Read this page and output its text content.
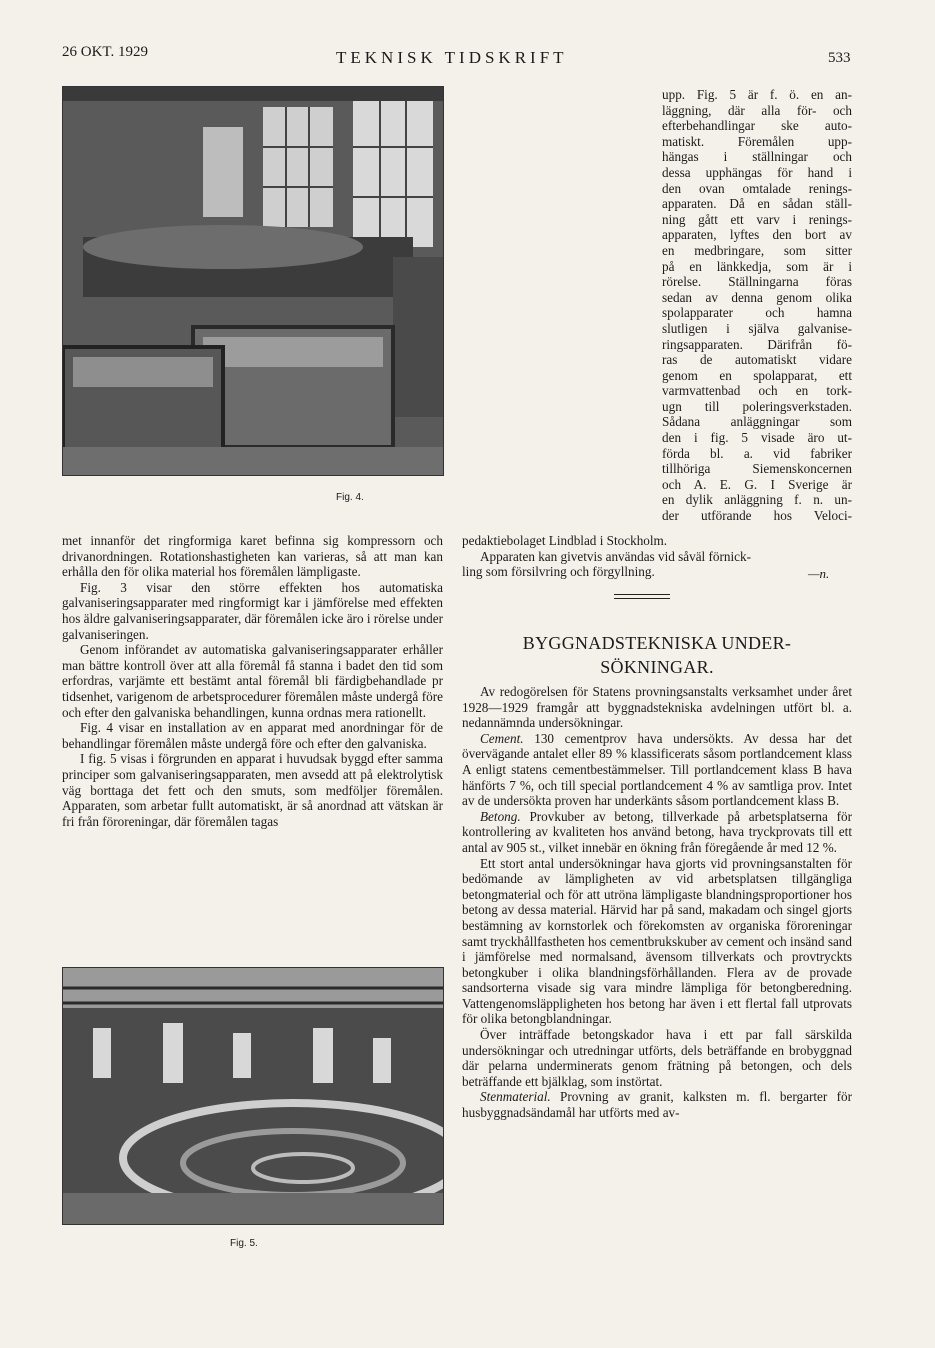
26 OKT. 1929	TEKNISK TIDSKRIFT	533
Fig. 4.
upp. Fig. 5 är f. ö. en an-
läggning, där alla för- och
efterbehandlingar ske auto-
matiskt. Föremålen upp-
hängas i ställningar och
dessa upphängas för hand i
den ovan omtalade renings-
apparaten. Då en sådan ställ-
ning gått ett varv i renings-
apparaten, lyftes den bort av
en medbringare, som sitter
på en länkkedja, som är i
rörelse. Ställningarna föras
sedan av denna genom olika
spolapparater och hamna
slutligen i själva galvanise-
ringsapparaten. Därifrån fö-
ras de automatiskt vidare
genom en spolapparat, ett
varmvattenbad och en tork-
ugn till poleringsverkstaden.
Sådana anläggningar som
den i fig. 5 visade äro ut-
förda bl. a. vid fabriker
tillhöriga Siemenskoncernen
och A. E. G. I Sverige är
en dylik anläggning f. n. un-
der utförande hos Veloci-

pedaktiebolaget Lindblad i Stockholm.

Apparaten kan givetvis användas vid såväl förnick-

ling som försilvring och förgyllning.	—n.
BYGGNADSTEKNISKA UNDER-
SÖKNINGAR.

met innanför det ringformiga karet befinna sig kompressorn och drivanordningen. Rotationshastigheten kan varieras, så att man kan erhålla den för olika material hos föremålen lämpligaste.

Fig. 3 visar den större effekten hos automatiska galvaniseringsapparater med ringformigt kar i jämförelse med effekten hos äldre galvaniseringsapparater, där föremålen icke äro i rörelse under galvaniseringen.

Genom införandet av automatiska galvaniseringsapparater erhåller man bättre kontroll över att alla föremål få stanna i badet den tid som erfordras, varjämte ett bestämt antal föremål bli färdigbehandlade pr tidsenhet, varigenom de arbetsprocedurer föremålen måste undergå före och efter den galvaniska behandlingen, kunna ordnas mera rationellt.

Fig. 4 visar en installation av en apparat med anordningar för de behandlingar föremålen måste undergå före och efter den galvaniska.

I fig. 5 visas i förgrunden en apparat i huvudsak byggd efter samma principer som galvaniseringsapparaten, men avsedd att på elektrolytisk väg borttaga det fett och den smuts, som medföljer föremålen. Apparaten, som arbetar fullt automatiskt, är så anordnad att vätskan är fri från föroreningar, där föremålen tagas

Fig. 5.

Av redogörelsen för Statens provningsanstalts verksamhet under året 1928—1929 framgår att byggnadstekniska avdelningen utfört bl. a. nedannämnda undersökningar.

Cement. 130 cementprov hava undersökts. Av dessa har det övervägande antalet eller 89 % klassificerats såsom portlandcement klass A enligt statens cementbestämmelser. Till portlandcement klass B hava hänförts 7 %, och till special portlandcement 4 % av samtliga prov. Intet av de undersökta proven har underkänts såsom portlandcement klass B.

Betong. Provkuber av betong, tillverkade på arbetsplatserna för kontrollering av kvaliteten hos använd betong, hava tryckprovats till ett antal av 905 st., vilket innebär en ökning från föregående år med 12 %.

Ett stort antal undersökningar hava gjorts vid provningsanstalten för bedömande av lämpligheten av vid arbetsplatsen tillgängliga betongmaterial och för att utröna lämpligaste blandningsproportioner hos betong av dessa material. Härvid har på sand, makadam och singel gjorts bestämning av kornstorlek och förekomsten av organiska föroreningar samt tryckhållfastheten hos cementbrukskuber av cement och insänd sand i jämförelse med normalsand, ävensom tillverkats och provtryckts betongkuber i olika blandningsförhållanden. Flera av de provade sandsorterna visade sig vara mindre lämpliga för betongberedning. Vattengenomsläppligheten hos betong har även i ett flertal fall utprovats för olika betongblandningar.

Över inträffade betongskador hava i ett par fall särskilda undersökningar och utredningar utförts, dels beträffande en brobyggnad där pelarna underminerats genom frätning på betongen, och dels beträffande ett bjälklag, som instörtat.

Stenmaterial. Provning av granit, kalksten m. fl. bergarter för husbyggnadsändamål har utförts med av-
